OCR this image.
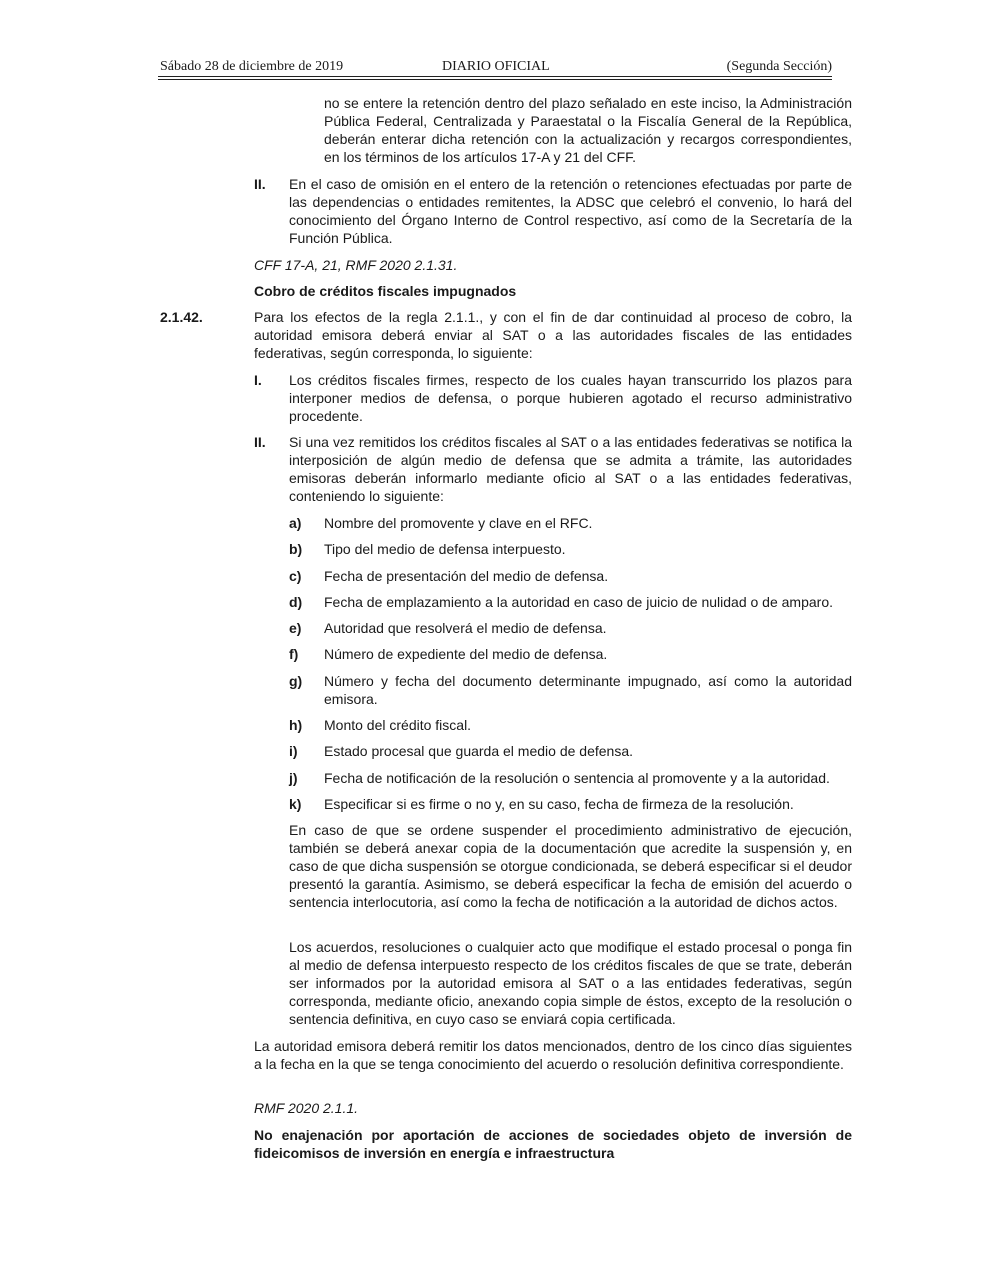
Sábado 28 de diciembre de 2019	DIARIO OFICIAL	(Segunda Sección)

no se entere la retención dentro del plazo señalado en este inciso, la Administración Pública Federal, Centralizada y Paraestatal o la Fiscalía General de la República, deberán enterar dicha retención con la actualización y recargos correspondientes, en los términos de los artículos 17-A y 21 del CFF.

II. En el caso de omisión en el entero de la retención o retenciones efectuadas por parte de las dependencias o entidades remitentes, la ADSC que celebró el convenio, lo hará del conocimiento del Órgano Interno de Control respectivo, así como de la Secretaría de la Función Pública.

CFF 17-A, 21, RMF 2020 2.1.31.

Cobro de créditos fiscales impugnados

2.1.42.	Para los efectos de la regla 2.1.1., y con el fin de dar continuidad al proceso de cobro, la autoridad emisora deberá enviar al SAT o a las autoridades fiscales de las entidades federativas, según corresponda, lo siguiente:

I. Los créditos fiscales firmes, respecto de los cuales hayan transcurrido los plazos para interponer medios de defensa, o porque hubieren agotado el recurso administrativo procedente.

II. Si una vez remitidos los créditos fiscales al SAT o a las entidades federativas se notifica la interposición de algún medio de defensa que se admita a trámite, las autoridades emisoras deberán informarlo mediante oficio al SAT o a las entidades federativas, conteniendo lo siguiente:

a) Nombre del promovente y clave en el RFC.

b) Tipo del medio de defensa interpuesto.

c) Fecha de presentación del medio de defensa.

d) Fecha de emplazamiento a la autoridad en caso de juicio de nulidad o de amparo.

e) Autoridad que resolverá el medio de defensa.

f) Número de expediente del medio de defensa.

g) Número y fecha del documento determinante impugnado, así como la autoridad emisora.

h) Monto del crédito fiscal.

i) Estado procesal que guarda el medio de defensa.

j) Fecha de notificación de la resolución o sentencia al promovente y a la autoridad.

k) Especificar si es firme o no y, en su caso, fecha de firmeza de la resolución.

En caso de que se ordene suspender el procedimiento administrativo de ejecución, también se deberá anexar copia de la documentación que acredite la suspensión y, en caso de que dicha suspensión se otorgue condicionada, se deberá especificar si el deudor presentó la garantía. Asimismo, se deberá especificar la fecha de emisión del acuerdo o sentencia interlocutoria, así como la fecha de notificación a la autoridad de dichos actos.

Los acuerdos, resoluciones o cualquier acto que modifique el estado procesal o ponga fin al medio de defensa interpuesto respecto de los créditos fiscales de que se trate, deberán ser informados por la autoridad emisora al SAT o a las entidades federativas, según corresponda, mediante oficio, anexando copia simple de éstos, excepto de la resolución o sentencia definitiva, en cuyo caso se enviará copia certificada.

La autoridad emisora deberá remitir los datos mencionados, dentro de los cinco días siguientes a la fecha en la que se tenga conocimiento del acuerdo o resolución definitiva correspondiente.

RMF 2020 2.1.1.

No enajenación por aportación de acciones de sociedades objeto de inversión de fideicomisos de inversión en energía e infraestructura
